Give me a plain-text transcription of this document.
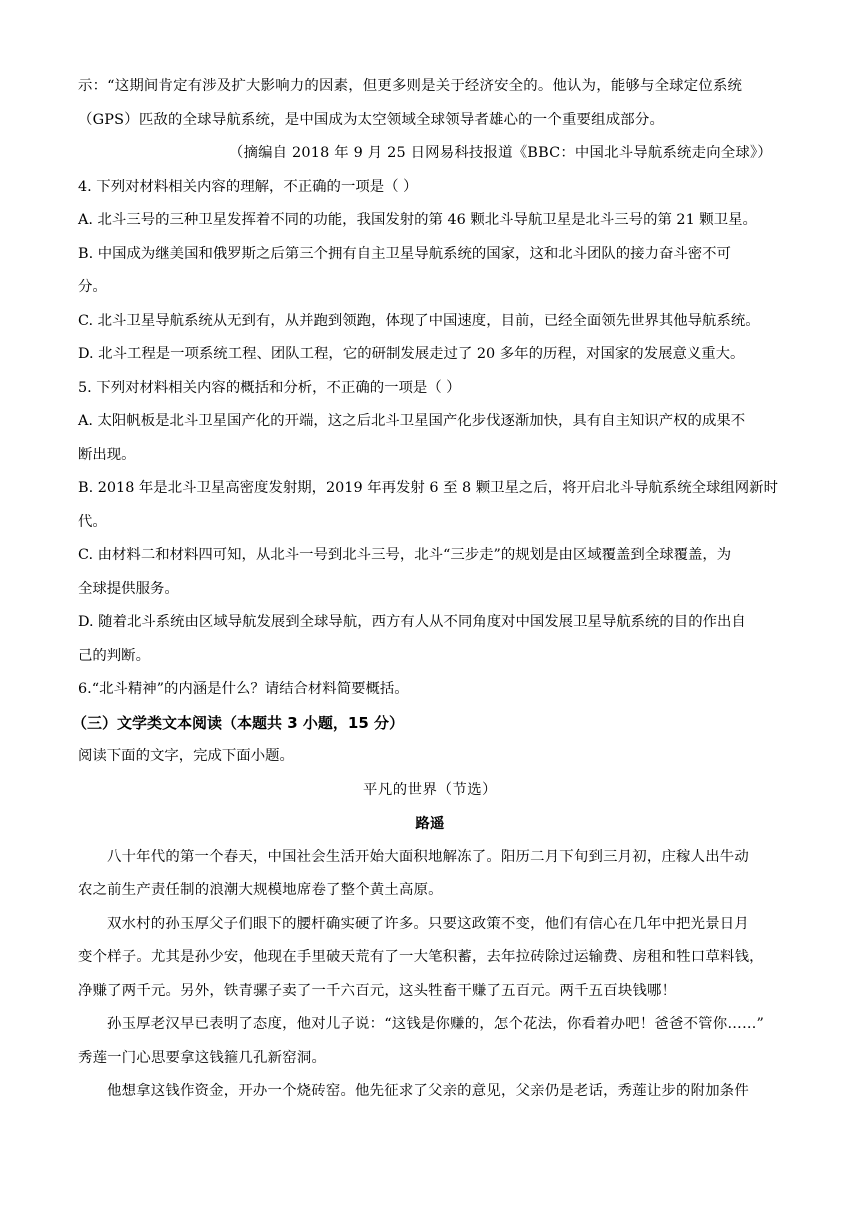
示：“这期间肯定有涉及扩大影响力的因素，但更多则是关于经济安全的。他认为，能够与全球定位系统

（GPS）匹敌的全球导航系统，是中国成为太空领域全球领导者雄心的一个重要组成部分。

（摘编自 2018 年 9 月 25 日网易科技报道《BBC：中国北斗导航系统走向全球》）

4. 下列对材料相关内容的理解，不正确的一项是（ ）

A. 北斗三号的三种卫星发挥着不同的功能，我国发射的第 46 颗北斗导航卫星是北斗三号的第 21 颗卫星。

B. 中国成为继美国和俄罗斯之后第三个拥有自主卫星导航系统的国家，这和北斗团队的接力奋斗密不可

分。

C. 北斗卫星导航系统从无到有，从并跑到领跑，体现了中国速度，目前，已经全面领先世界其他导航系统。

D. 北斗工程是一项系统工程、团队工程，它的研制发展走过了 20 多年的历程，对国家的发展意义重大。

5. 下列对材料相关内容的概括和分析，不正确的一项是（ ）

A. 太阳帆板是北斗卫星国产化的开端，这之后北斗卫星国产化步伐逐渐加快，具有自主知识产权的成果不

断出现。

B. 2018 年是北斗卫星高密度发射期，2019 年再发射 6 至 8 颗卫星之后，将开启北斗导航系统全球组网新时

代。

C. 由材料二和材料四可知，从北斗一号到北斗三号，北斗“三步走”的规划是由区域覆盖到全球覆盖，为

全球提供服务。

D. 随着北斗系统由区域导航发展到全球导航，西方有人从不同角度对中国发展卫星导航系统的目的作出自

己的判断。

6.“北斗精神”的内涵是什么？请结合材料简要概括。

（三）文学类文本阅读（本题共 3 小题，15 分）

阅读下面的文字，完成下面小题。

平凡的世界（节选）

路遥

八十年代的第一个春天，中国社会生活开始大面积地解冻了。阳历二月下旬到三月初，庄稼人出牛动

农之前生产责任制的浪潮大规模地席卷了整个黄土高原。

双水村的孙玉厚父子们眼下的腰杆确实硬了许多。只要这政策不变，他们有信心在几年中把光景日月

变个样子。尤其是孙少安，他现在手里破天荒有了一大笔积蓄，去年拉砖除过运输费、房租和牲口草料钱，

净赚了两千元。另外，铁青骡子卖了一千六百元，这头牲畜干赚了五百元。两千五百块钱哪！

孙玉厚老汉早已表明了态度，他对儿子说：“这钱是你赚的，怎个花法，你看着办吧！爸爸不管你……”

秀莲一门心思要拿这钱箍几孔新窑洞。

他想拿这钱作资金，开办一个烧砖窑。他先征求了父亲的意见，父亲仍是老话，秀莲让步的附加条件
